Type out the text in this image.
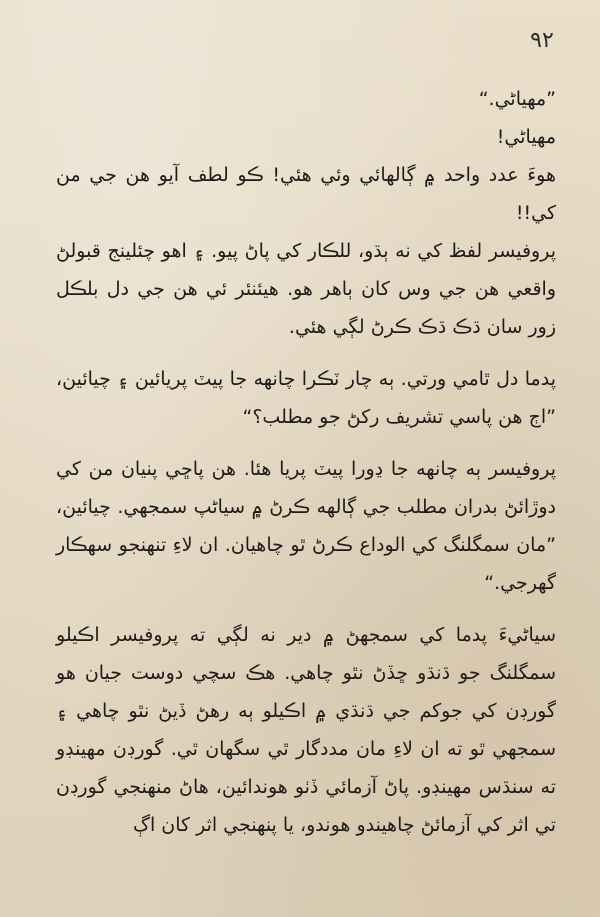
٩٢

”مهياڻي.“

مهياڻي!

هوءَ عدد واحد ۾ ڳالهائي وئي هئي! ڪو لطف آيو هن جي من کي!!

پروفيسر لفظ کي نه ٻڌو، للڪار کي پاڻ پيو. ۽ اهو چئلينج قبولڻ واقعي هن جي وس کان ٻاهر هو. هيئنئر ئي هن جي دل بلڪل زور سان ڌڪ ڌڪ ڪرڻ لڳي هئي.

پدما دل ٿامي ورتي. ٻه چار ٽڪرا چانهه جا پيٽ پريائين ۽ چيائين، ”اڄ هن پاسي تشريف رکڻ جو مطلب؟“

پروفيسر ٻه چانهه جا ڍورا پيٽ پريا هئا. هن پاڇي پنيان من کي دوڙائڻ بدران مطلب جي ڳالهه ڪرڻ ۾ سياڻپ سمجهي. چيائين، ”مان سمگلنگ کي الوداع ڪرڻ ٿو چاهيان. ان لاءِ تنهنجو سهڪار گهرجي.“

سياڻيءَ پدما کي سمجهڻ ۾ دير نه لڳي ته پروفيسر اڪيلو سمگلنگ جو ڌنڌو ڇڏڻ نٿو چاهي. هڪ سچي دوست جيان هو گورڊن کي جوکم جي ڌنڌي ۾ اڪيلو ٻه رهڻ ڏيڻ نٿو چاهي ۽ سمجهي ٿو ته ان لاءِ مان مددگار ٿي سگهان ٿي. گورڊن مهينڊو ته سنڌس مهينڊو. پاڻ آزمائي ڏٺو هوندائين، هاڻ منهنجي گورڊن تي اثر کي آزمائڻ چاهيندو هوندو، يا پنهنجي اثر کان اڳ
